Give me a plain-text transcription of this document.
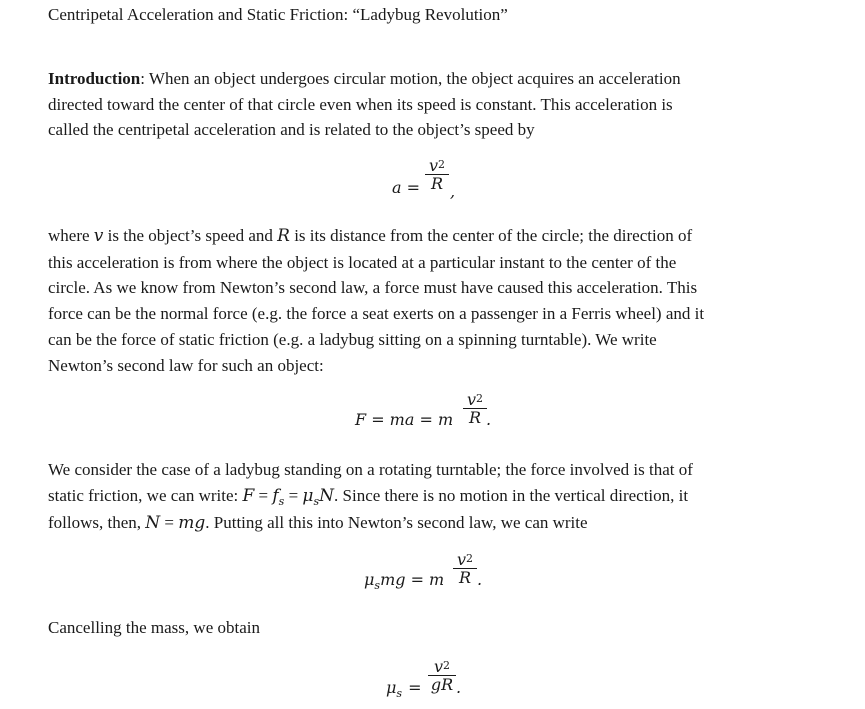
Centripetal Acceleration and Static Friction: “Ladybug Revolution”
Introduction: When an object undergoes circular motion, the object acquires an acceleration
directed toward the center of that circle even when its speed is constant. This acceleration is
called the centripetal acceleration and is related to the object’s speed by
a =
$v^2$
R ,
where v is the object’s speed and R is its distance from the center of the circle; the direction of
this acceleration is from where the object is located at a particular instant to the center of the
circle. As we know from Newton’s second law, a force must have caused this acceleration. This
force can be the normal force (e.g. the force a seat exerts on a passenger in a Ferris wheel) and it
can be the force of static friction (e.g. a ladybug sitting on a spinning turntable). We write
Newton’s second law for such an object:
F = ma = m
$v^2$
R .
We consider the case of a ladybug standing on a rotating turntable; the force involved is that of
static friction, we can write: $F = f_s = \mu_sN$. Since there is no motion in the vertical direction, it
follows, then, N = mg. Putting all this into Newton’s second law, we can write
$\mu_smg = m$
$v^2$
R .
Cancelling the mass, we obtain
$\mu_s$ =
$v^2$
gR .
